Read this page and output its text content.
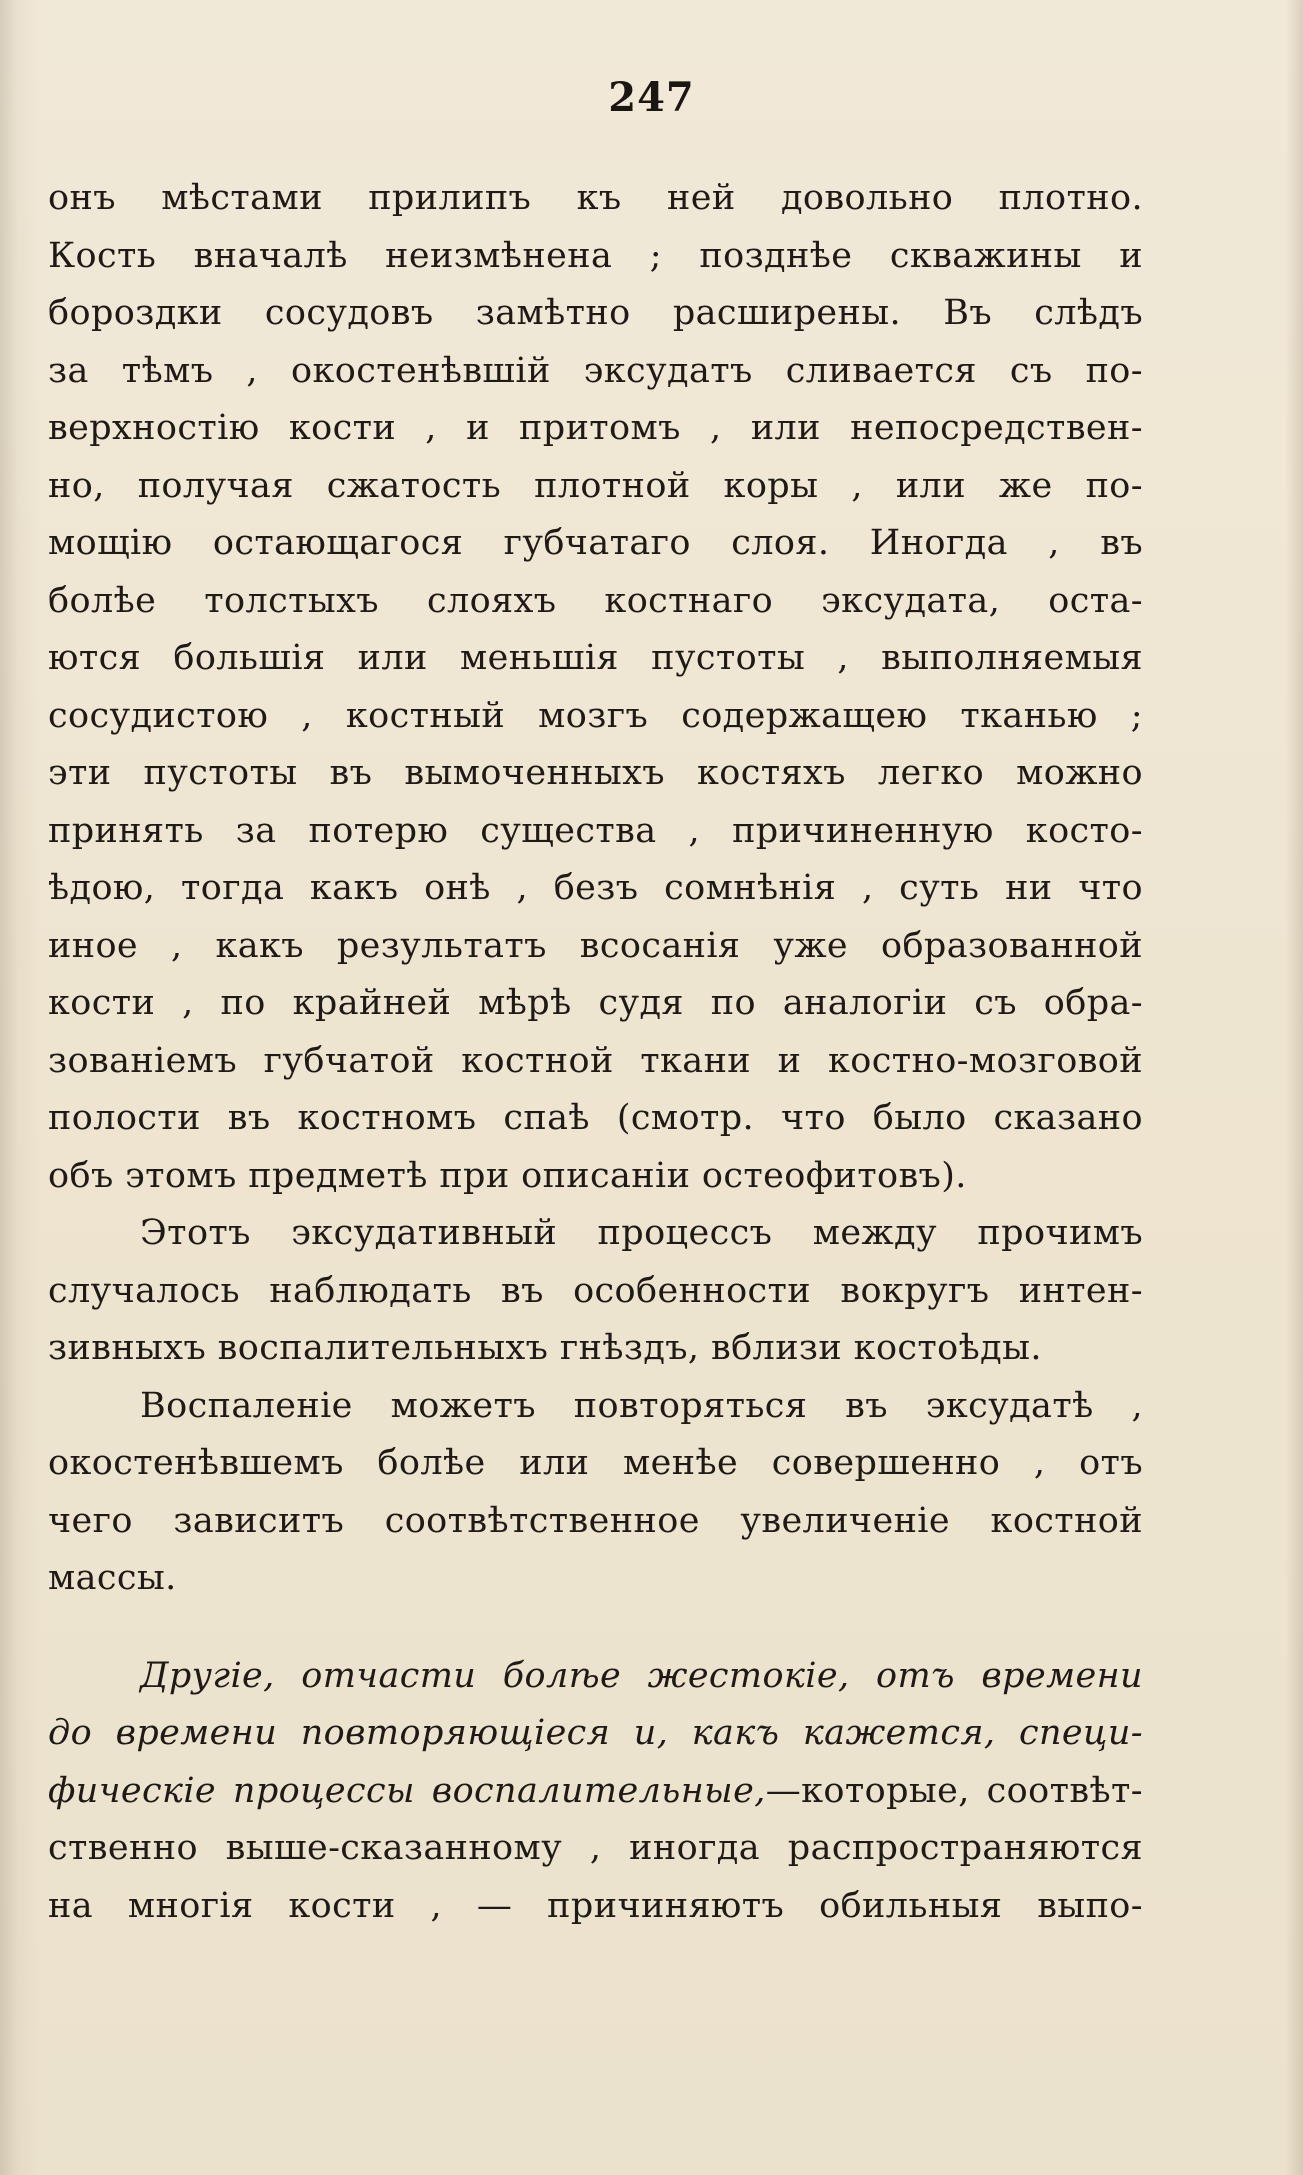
247
онъ мѣстами прилипъ къ ней довольно плотно.
Кость вначалѣ неизмѣнена ; позднѣе скважины и
бороздки сосудовъ замѣтно расширены. Въ слѣдъ
за тѣмъ , окостенѣвшій эксудатъ сливается съ по-
верхностію кости , и притомъ , или непосредствен-
но, получая сжатость плотной коры , или же по-
мощію остающагося губчатаго слоя. Иногда , въ
болѣе толстыхъ слояхъ костнаго эксудата, оста-
ются большія или меньшія пустоты , выполняемыя
сосудистою , костный мозгъ содержащею тканью ;
эти пустоты въ вымоченныхъ костяхъ легко можно
принять за потерю существа , причиненную косто-
ѣдою, тогда какъ онѣ , безъ сомнѣнія , суть ни что
иное , какъ результатъ всосанія уже образованной
кости , по крайней мѣрѣ судя по аналогіи съ обра-
зованіемъ губчатой костной ткани и костно-мозговой
полости въ костномъ спаѣ (смотр. что было сказано
объ этомъ предметѣ при описаніи остеофитовъ).
Этотъ эксудативный процессъ между прочимъ
случалось наблюдать въ особенности вокругъ интен-
зивныхъ воспалительныхъ гнѣздъ, вблизи костоѣды.
Воспаленіе можетъ повторяться въ эксудатѣ ,
окостенѣвшемъ болѣе или менѣе совершенно , отъ
чего зависитъ соотвѣтственное увеличеніе костной
массы.
Другіе, отчасти болѣе жестокіе, отъ времени
до времени повторяющіеся и, какъ кажется, специ-
фическіе процессы воспалительные,—которые, соотвѣт-
ственно выше-сказанному , иногда распространяются
на многія кости , — причиняютъ обильныя выпо-
